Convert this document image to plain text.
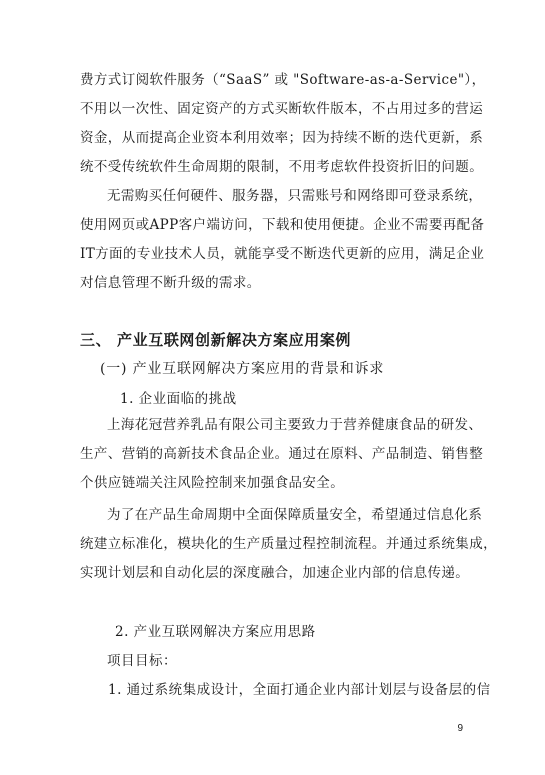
费方式订阅软件服务（“SaaS” 或 "Software-as-a-Service"），
不用以一次性、固定资产的方式买断软件版本，不占用过多的营运
资金，从而提高企业资本利用效率；因为持续不断的迭代更新，系
统不受传统软件生命周期的限制，不用考虑软件投资折旧的问题。
无需购买任何硬件、服务器，只需账号和网络即可登录系统，
使用网页或APP客户端访问，下载和使用便捷。企业不需要再配备
IT方面的专业技术人员，就能享受不断迭代更新的应用，满足企业
对信息管理不断升级的需求。
三、 产业互联网创新解决方案应用案例
(一) 产业互联网解决方案应用的背景和诉求
1. 企业面临的挑战
上海花冠营养乳品有限公司主要致力于营养健康食品的研发、
生产、营销的高新技术食品企业。通过在原料、产品制造、销售整
个供应链端关注风险控制来加强食品安全。
为了在产品生命周期中全面保障质量安全，希望通过信息化系
统建立标准化，模块化的生产质量过程控制流程。并通过系统集成，
实现计划层和自动化层的深度融合，加速企业内部的信息传递。
2. 产业互联网解决方案应用思路
项目目标：
1. 通过系统集成设计，全面打通企业内部计划层与设备层的信
9
